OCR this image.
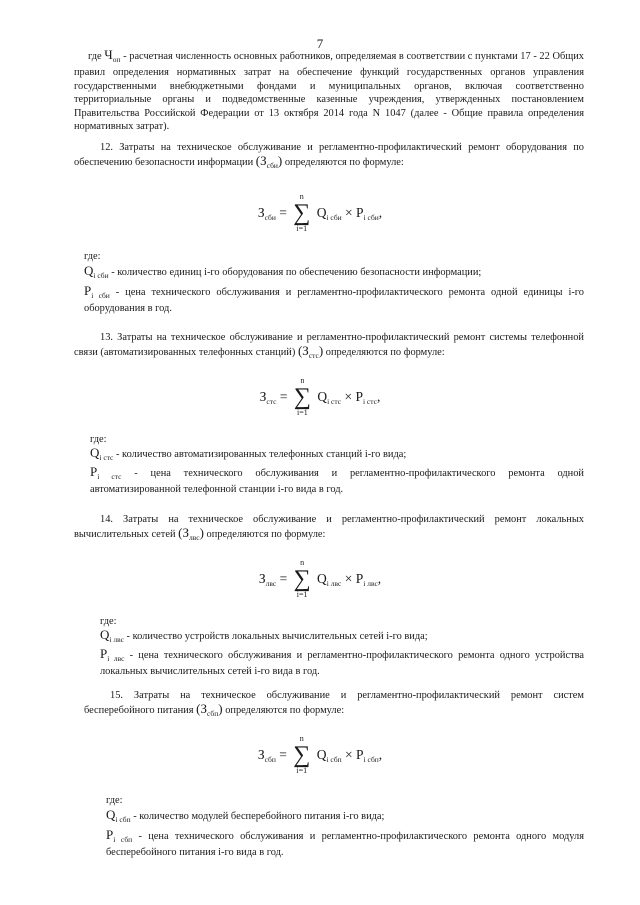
7
где $Ч_{оп}$ - расчетная численность основных работников, определяемая в соответствии с пунктами 17 - 22 Общих правил определения нормативных затрат на обеспечение функций государственных органов управления государственными внебюджетными фондами и муниципальных органов, включая соответственно территориальные органы и подведомственные казенные учреждения, утвержденных постановлением Правительства Российской Федерации от 13 октября 2014 года N 1047 (далее - Общие правила определения нормативных затрат).
12. Затраты на техническое обслуживание и регламентно-профилактический ремонт оборудования по обеспечению безопасности информации $(З_{сби})$ определяются по формуле:
$З_{сби}$ =
n
∑
i=1
$Q_{i сби} \times P_{i сби}$,
где:
$Q_{i сби}$ - количество единиц i-го оборудования по обеспечению безопасности информации;
$P_{i сби}$ - цена технического обслуживания и регламентно-профилактического ремонта одной единицы i-го оборудования в год.
13. Затраты на техническое обслуживание и регламентно-профилактический ремонт системы телефонной связи (автоматизированных телефонных станций) $(З_{стс})$ определяются по формуле:
$З_{стс}$ =
n
∑
i=1
$Q_{i стс} \times P_{i стс}$,
где:
$Q_{i стс}$ - количество автоматизированных телефонных станций i-го вида;
$P_{i стс}$ - цена технического обслуживания и регламентно-профилактического ремонта одной автоматизированной телефонной станции i-го вида в год.
14. Затраты на техническое обслуживание и регламентно-профилактический ремонт локальных вычислительных сетей $(З_{лвс})$ определяются по формуле:
$З_{лвс}$ =
n
∑
i=1
$Q_{i лвс} \times P_{i лвс}$,
где:
$Q_{i лвс}$ - количество устройств локальных вычислительных сетей i-го вида;
$P_{i лвс}$ - цена технического обслуживания и регламентно-профилактического ремонта одного устройства локальных вычислительных сетей i-го вида в год.
15. Затраты на техническое обслуживание и регламентно-профилактический ремонт систем бесперебойного питания $(З_{сбп})$ определяются по формуле:
$З_{сбп}$ =
n
∑
i=1
$Q_{i сбп} \times P_{i сбп}$,
где:
$Q_{i сбп}$ - количество модулей бесперебойного питания i-го вида;
$P_{i сбп}$ - цена технического обслуживания и регламентно-профилактического ремонта одного модуля бесперебойного питания i-го вида в год.
